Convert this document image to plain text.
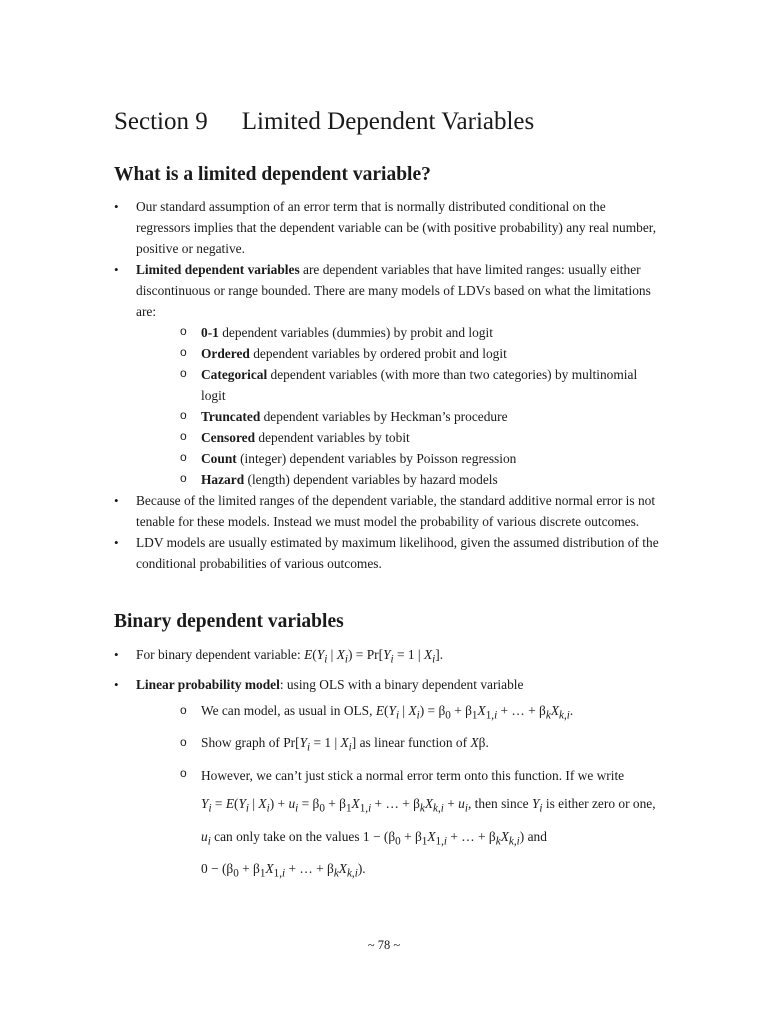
Section 9 Limited Dependent Variables
What is a limited dependent variable?
• Our standard assumption of an error term that is normally distributed conditional on the regressors implies that the dependent variable can be (with positive probability) any real number, positive or negative.
• Limited dependent variables are dependent variables that have limited ranges: usually either discontinuous or range bounded. There are many models of LDVs based on what the limitations are:
o 0-1 dependent variables (dummies) by probit and logit
o Ordered dependent variables by ordered probit and logit
o Categorical dependent variables (with more than two categories) by multinomial logit
o Truncated dependent variables by Heckman’s procedure
o Censored dependent variables by tobit
o Count (integer) dependent variables by Poisson regression
o Hazard (length) dependent variables by hazard models
• Because of the limited ranges of the dependent variable, the standard additive normal error is not tenable for these models. Instead we must model the probability of various discrete outcomes.
• LDV models are usually estimated by maximum likelihood, given the assumed distribution of the conditional probabilities of various outcomes.
Binary dependent variables
• For binary dependent variable: $E(Y_i$ | $X_i) = Pr[Y_i = 1$ | $X_i$].
• Linear probability model: using OLS with a binary dependent variable
o We can model, as usual in OLS, $E(Y_i$ | $X_i) = \beta_0 + \beta_1X_{1,i}$ + … + $\beta_kX_{k,i}$.
o Show graph of $Pr[Y_i = 1$ | $X_i$] as linear function of Xβ.
o However, we can’t just stick a normal error term onto this function. If we write
$Y_i = E(Y_i$ | $X_i) + u_i = \beta_0 + \beta_1X_{1,i}$ + … + $\beta_kX_{k,i} + u_i$, then since $Y_i$ is either zero or one, $u_i$ can only take on the values $1 - (\beta_0 + \beta_1X_{1,i}$ + … + $\beta_kX_{k,i}$) and
$0 - (\beta_0 + \beta_1X_{1,i}$ + … + $\beta_kX_{k,i}$).
~ 78 ~
